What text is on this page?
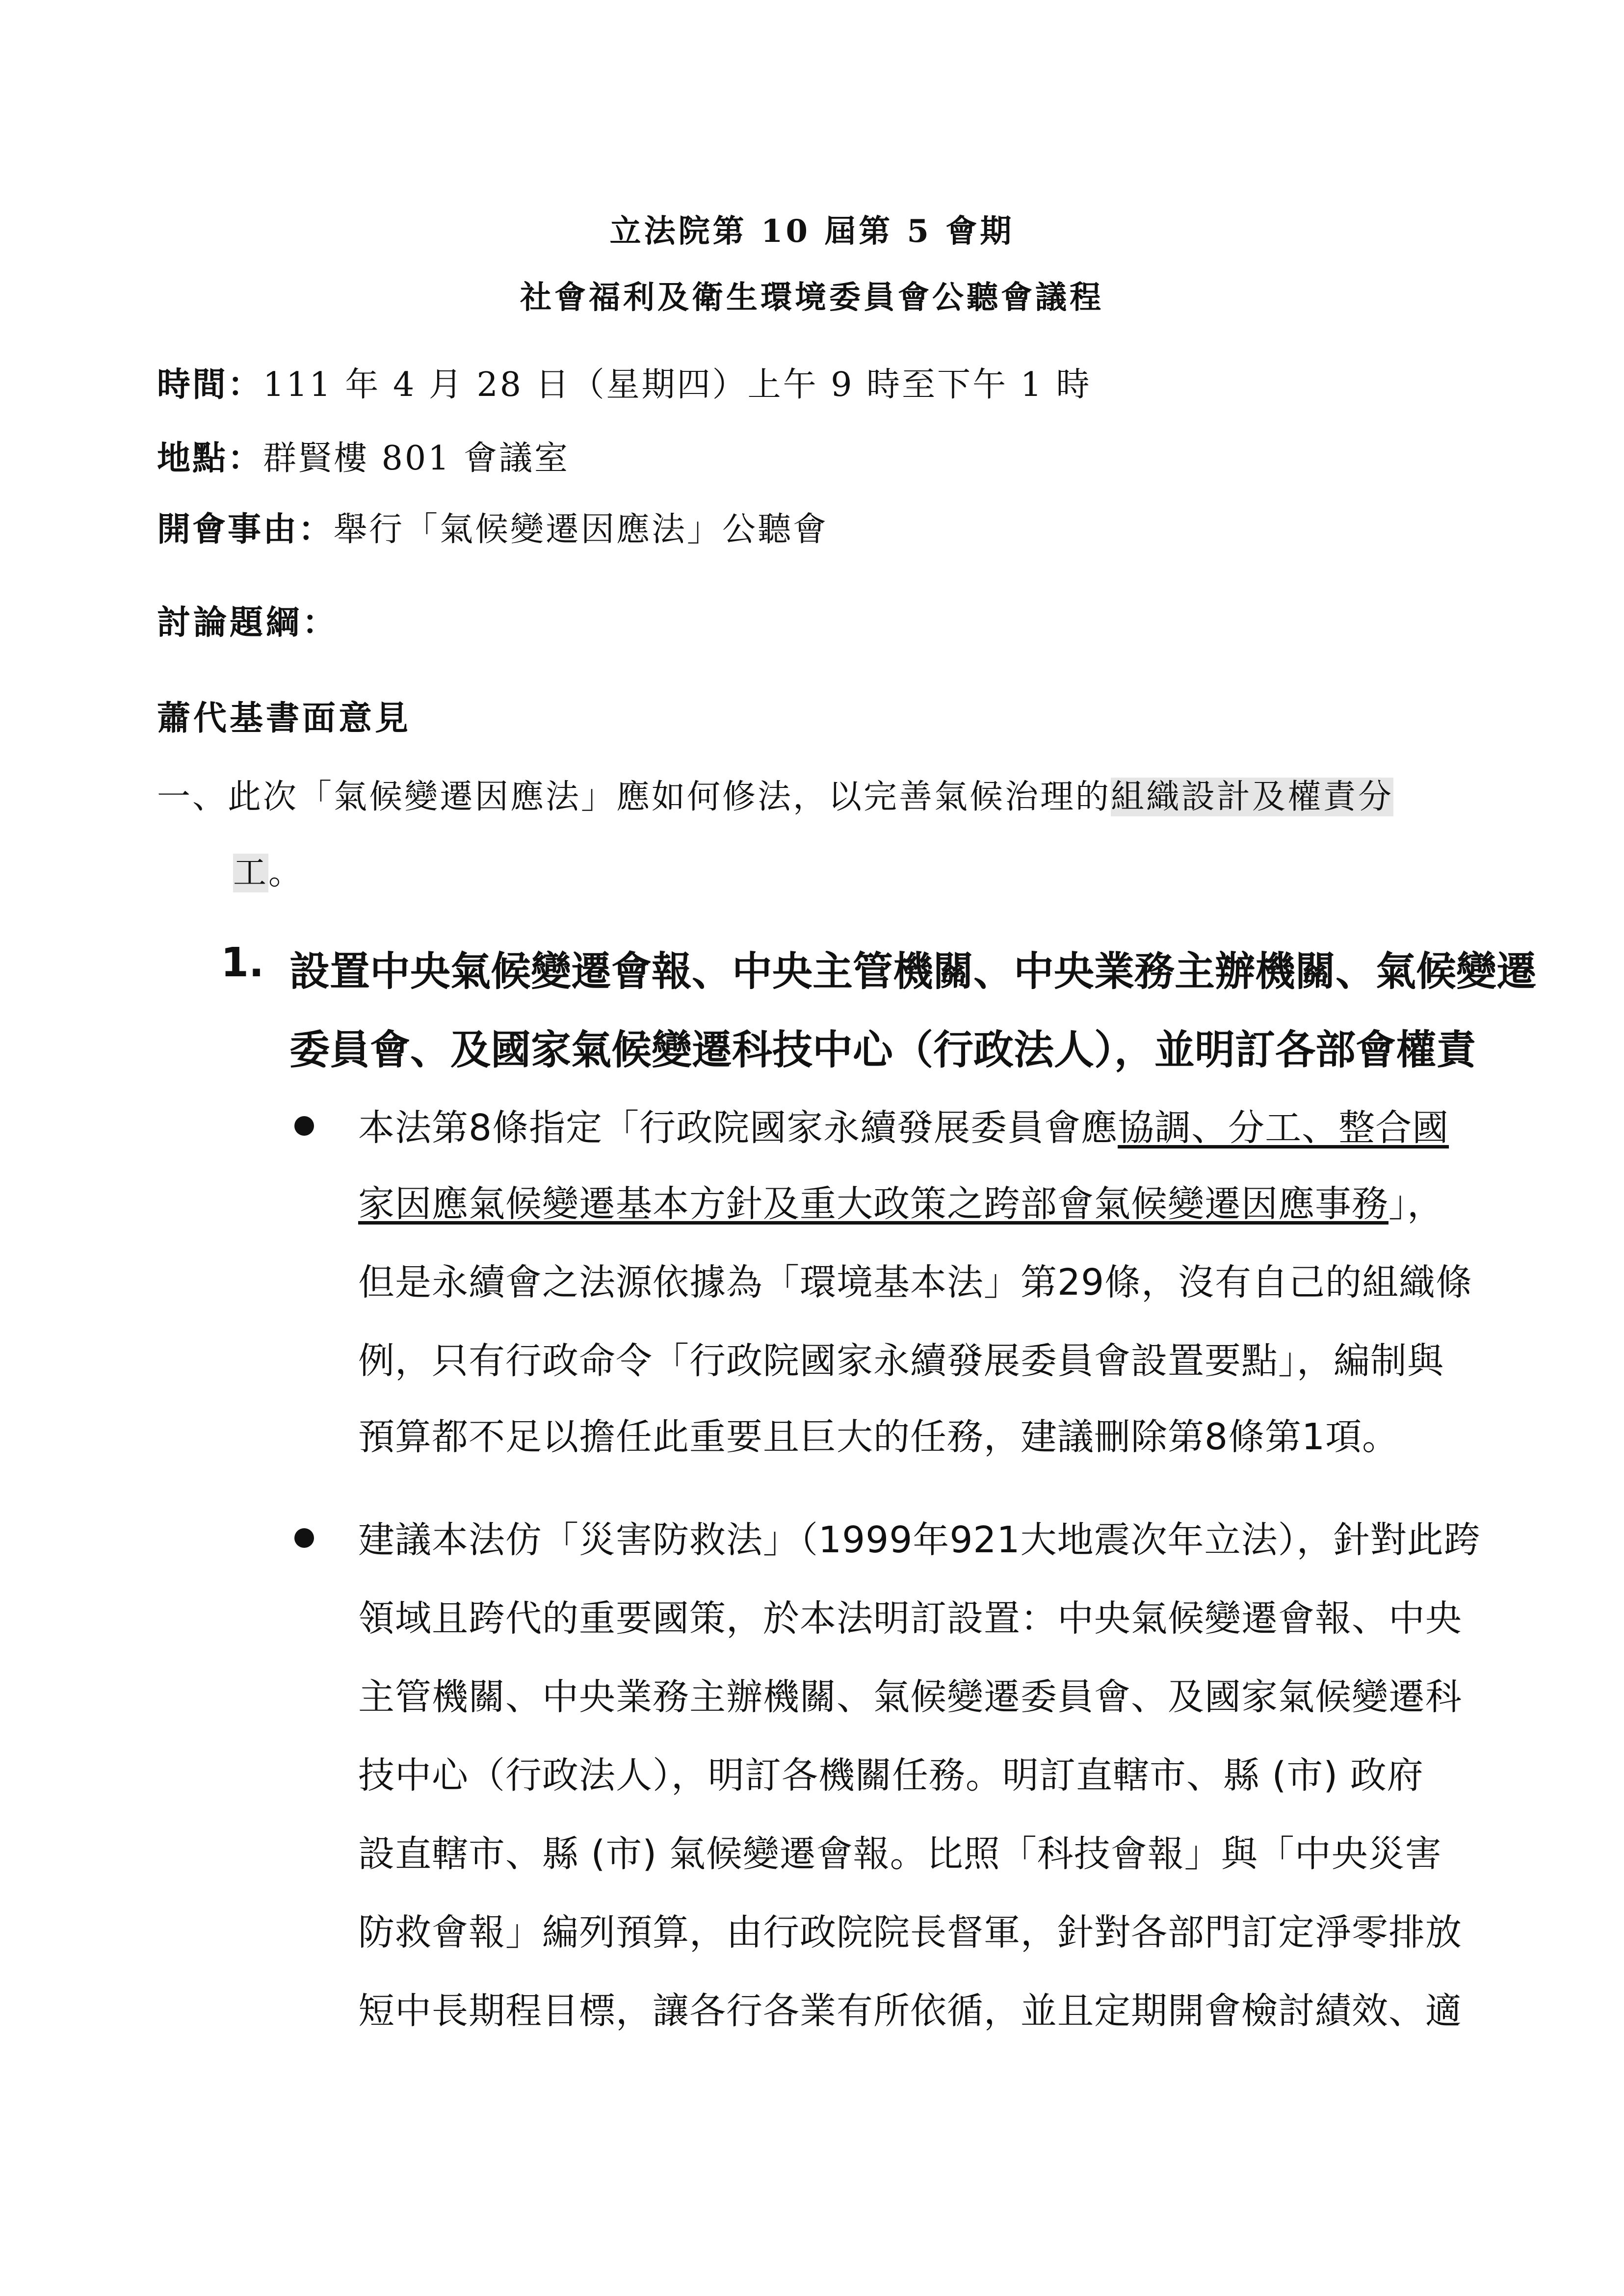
立法院第 10 屆第 5 會期
社會福利及衛生環境委員會公聽會議程
時間：111 年 4 月 28 日（星期四）上午 9 時至下午 1 時
地點：群賢樓 801 會議室
開會事由：舉行「氣候變遷因應法」公聽會
討論題綱：
蕭代基書面意見
一、此次「氣候變遷因應法」應如何修法，以完善氣候治理的組織設計及權責分
工。
1. 設置中央氣候變遷會報、中央主管機關、中央業務主辦機關、氣候變遷
委員會、及國家氣候變遷科技中心（行政法人），並明訂各部會權責
本法第8條指定「行政院國家永續發展委員會應協調、分工、整合國
家因應氣候變遷基本方針及重大政策之跨部會氣候變遷因應事務」，
但是永續會之法源依據為「環境基本法」第29條，沒有自己的組織條
例，只有行政命令「行政院國家永續發展委員會設置要點」，編制與
預算都不足以擔任此重要且巨大的任務，建議刪除第8條第1項。
建議本法仿「災害防救法」（1999年921大地震次年立法），針對此跨
領域且跨代的重要國策，於本法明訂設置：中央氣候變遷會報、中央
主管機關、中央業務主辦機關、氣候變遷委員會、及國家氣候變遷科
技中心（行政法人），明訂各機關任務。明訂直轄市、縣 (市) 政府
設直轄市、縣 (市) 氣候變遷會報。比照「科技會報」與「中央災害
防救會報」編列預算，由行政院院長督軍，針對各部門訂定淨零排放
短中長期程目標，讓各行各業有所依循，並且定期開會檢討績效、適
